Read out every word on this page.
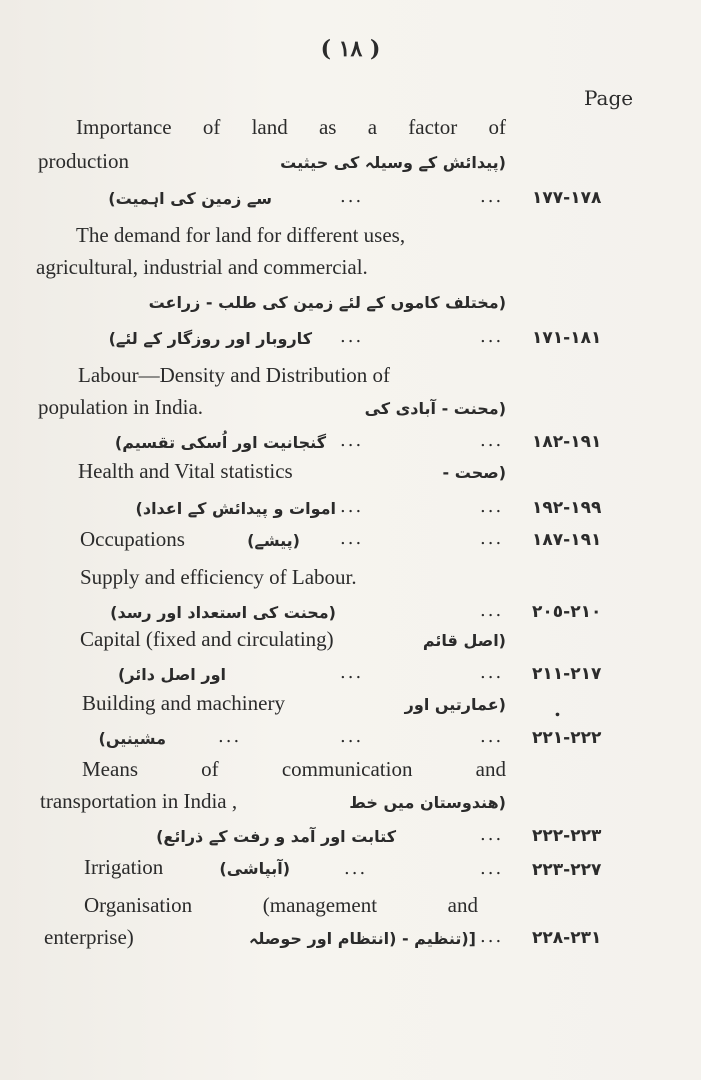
( ١٨ )
Page
Importance of land as a factor of
production	(پیدائش کے وسیلہ کی حیثیت
سے زمین کی اہمیت)	...	... ١٧٨-١٧٧
The demand for land for different uses,
agricultural, industrial and commercial.
(مختلف کاموں کے لئے زمین کی طلب - زراعت
کاروبار اور روزگار کے لئے) ...	... ١٨١-١٧١
Labour—Density and Distribution of
population in India.	(محنت - آبادی کی
گنجانیت اور اُسکی تقسیم) ...	... ١٩١-١٨٢
Health and Vital statistics	(صحت -
اموات و پیدائش کے اعداد) ...	... ١٩٩-١٩٢
Occupations	(پیشے) ...	... ١٩١-١٨٧
Supply and efficiency of Labour.
(محنت کی استعداد اور رسد)	... ٢١٠-٢٠٥
Capital (fixed and circulating)	(اصل قائم
اور اصل دائر)	...	... ٢١٧-٢١١
Building and machinery	(عمارتیں اور .
مشینیں)	...	...	... ٢٢٢-٢٢١
Means	of	communication	and
transportation in India ,	(هندوستان میں خط
کتابت اور آمد و رفت کے ذرائع)	... ٢٢٣-٢٢٢
Irrigation	(آبپاشی)	...	... ٢٢٧-٢٢٣
Organisation	(management	and
enterprise)	[(تنظیم - (انتظام اور حوصلہ ... ٢٣١-٢٢٨
